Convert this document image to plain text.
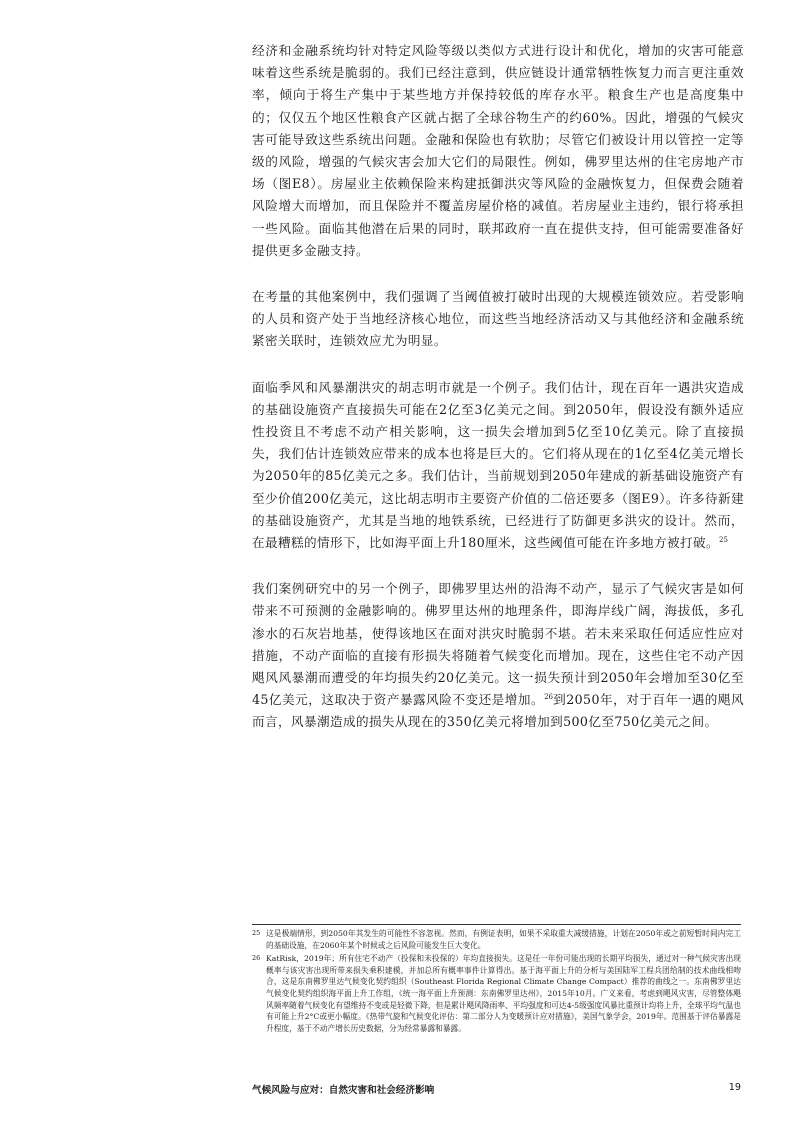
经济和金融系统均针对特定风险等级以类似方式进行设计和优化，增加的灾害可能意味着这些系统是脆弱的。我们已经注意到，供应链设计通常牺牲恢复力而言更注重效率，倾向于将生产集中于某些地方并保持较低的库存水平。粮食生产也是高度集中的；仅仅五个地区性粮食产区就占据了全球谷物生产的约60%。因此，增强的气候灾害可能导致这些系统出问题。金融和保险也有软肋；尽管它们被设计用以管控一定等级的风险，增强的气候灾害会加大它们的局限性。例如，佛罗里达州的住宅房地产市场（图E8）。房屋业主依赖保险来构建抵御洪灾等风险的金融恢复力，但保费会随着风险增大而增加，而且保险并不覆盖房屋价格的减值。若房屋业主违约，银行将承担一些风险。面临其他潜在后果的同时，联邦政府一直在提供支持，但可能需要准备好提供更多金融支持。

在考量的其他案例中，我们强调了当阈值被打破时出现的大规模连锁效应。若受影响的人员和资产处于当地经济核心地位，而这些当地经济活动又与其他经济和金融系统紧密关联时，连锁效应尤为明显。

面临季风和风暴潮洪灾的胡志明市就是一个例子。我们估计，现在百年一遇洪灾造成的基础设施资产直接损失可能在2亿至3亿美元之间。到2050年，假设没有额外适应性投资且不考虑不动产相关影响，这一损失会增加到5亿至10亿美元。除了直接损失，我们估计连锁效应带来的成本也将是巨大的。它们将从现在的1亿至4亿美元增长为2050年的85亿美元之多。我们估计，当前规划到2050年建成的新基础设施资产有至少价值200亿美元，这比胡志明市主要资产价值的二倍还要多（图E9）。许多待新建的基础设施资产，尤其是当地的地铁系统，已经进行了防御更多洪灾的设计。然而，在最糟糕的情形下，比如海平面上升180厘米，这些阈值可能在许多地方被打破。$^{25}$

我们案例研究中的另一个例子，即佛罗里达州的沿海不动产，显示了气候灾害是如何带来不可预测的金融影响的。佛罗里达州的地理条件，即海岸线广阔，海拔低，多孔渗水的石灰岩地基，使得该地区在面对洪灾时脆弱不堪。若未来采取任何适应性应对措施，不动产面临的直接有形损失将随着气候变化而增加。现在，这些住宅不动产因飓风风暴潮而遭受的年均损失约20亿美元。这一损失预计到2050年会增加至30亿至45亿美元，这取决于资产暴露风险不变还是增加。$^{26}$到2050年，对于百年一遇的飓风而言，风暴潮造成的损失从现在的350亿美元将增加到500亿至750亿美元之间。

25 这是极端情形，到2050年其发生的可能性不容忽视。然而，有例证表明，如果不采取重大减缓措施，计划在2050年或之前短暂时间内完工的基础设施，在2060年某个时候或之后风险可能发生巨大变化。
26 KatRisk，2019年；所有住宅不动产（投保和未投保的）年均直接损失。这是任一年份可能出现的长期平均损失，通过对一种气候灾害出现概率与该灾害出现所带来损失乘积建模，并加总所有概率事件计算得出。基于海平面上升的分析与美国陆军工程兵团给制的技术曲线相吻合，这是东南佛罗里达气候变化契约组织（Southeast Florida Regional Climate Change Compact）推荐的曲线之一。东南佛罗里达气候变化契约组织海平面上升工作组，《统一海平面上升预测：东南佛罗里达州》，2015年10月。广义来看，考虑到飓风灾害，尽管整体飓风频率随着气候变化有望维持不变或是轻微下降，但是累计飓风降雨率、平均强度和可达4-5级强度风暴比重预计均将上升，全球平均气温也有可能上升2°C或更小幅度。《热带气旋和气候变化评估：第二部分人为变暖预计应对措施》，美国气象学会，2019年。范围基于评估暴露是升程度，基于不动产增长历史数据，分为经常暴露和暴露。
气候风险与应对：自然灾害和社会经济影响	19
